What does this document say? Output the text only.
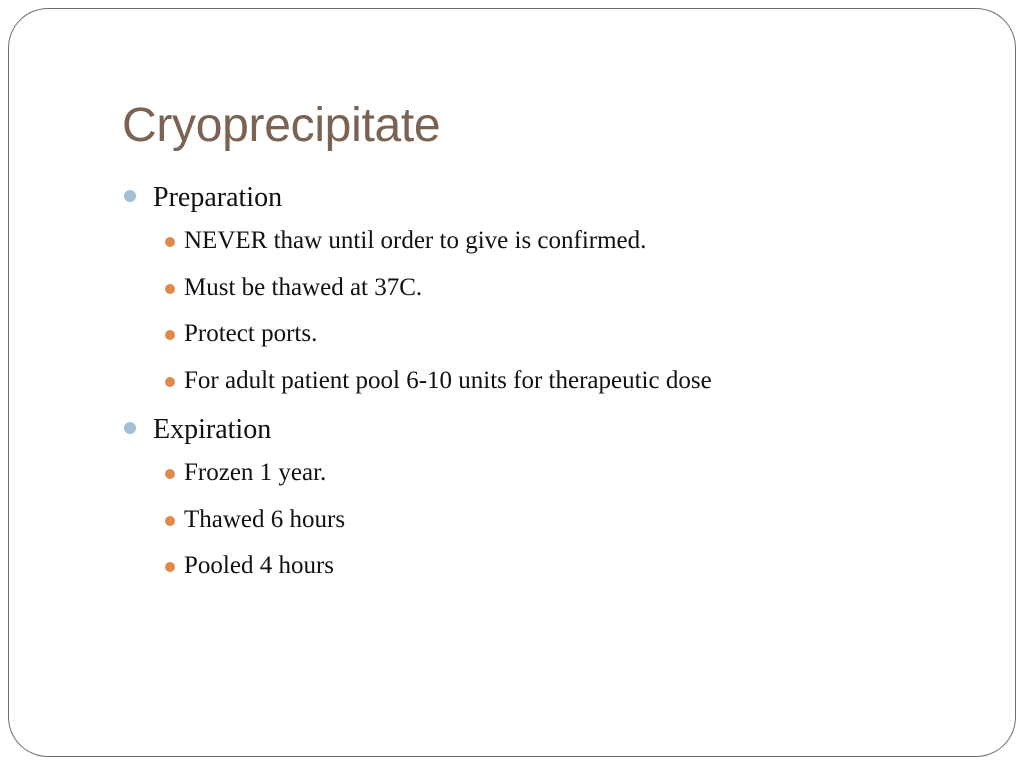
Cryoprecipitate
Preparation
NEVER thaw until order to give is confirmed.
Must be thawed at 37C.
Protect ports.
For adult patient pool 6-10 units for therapeutic dose
Expiration
Frozen 1 year.
Thawed 6 hours
Pooled 4 hours
